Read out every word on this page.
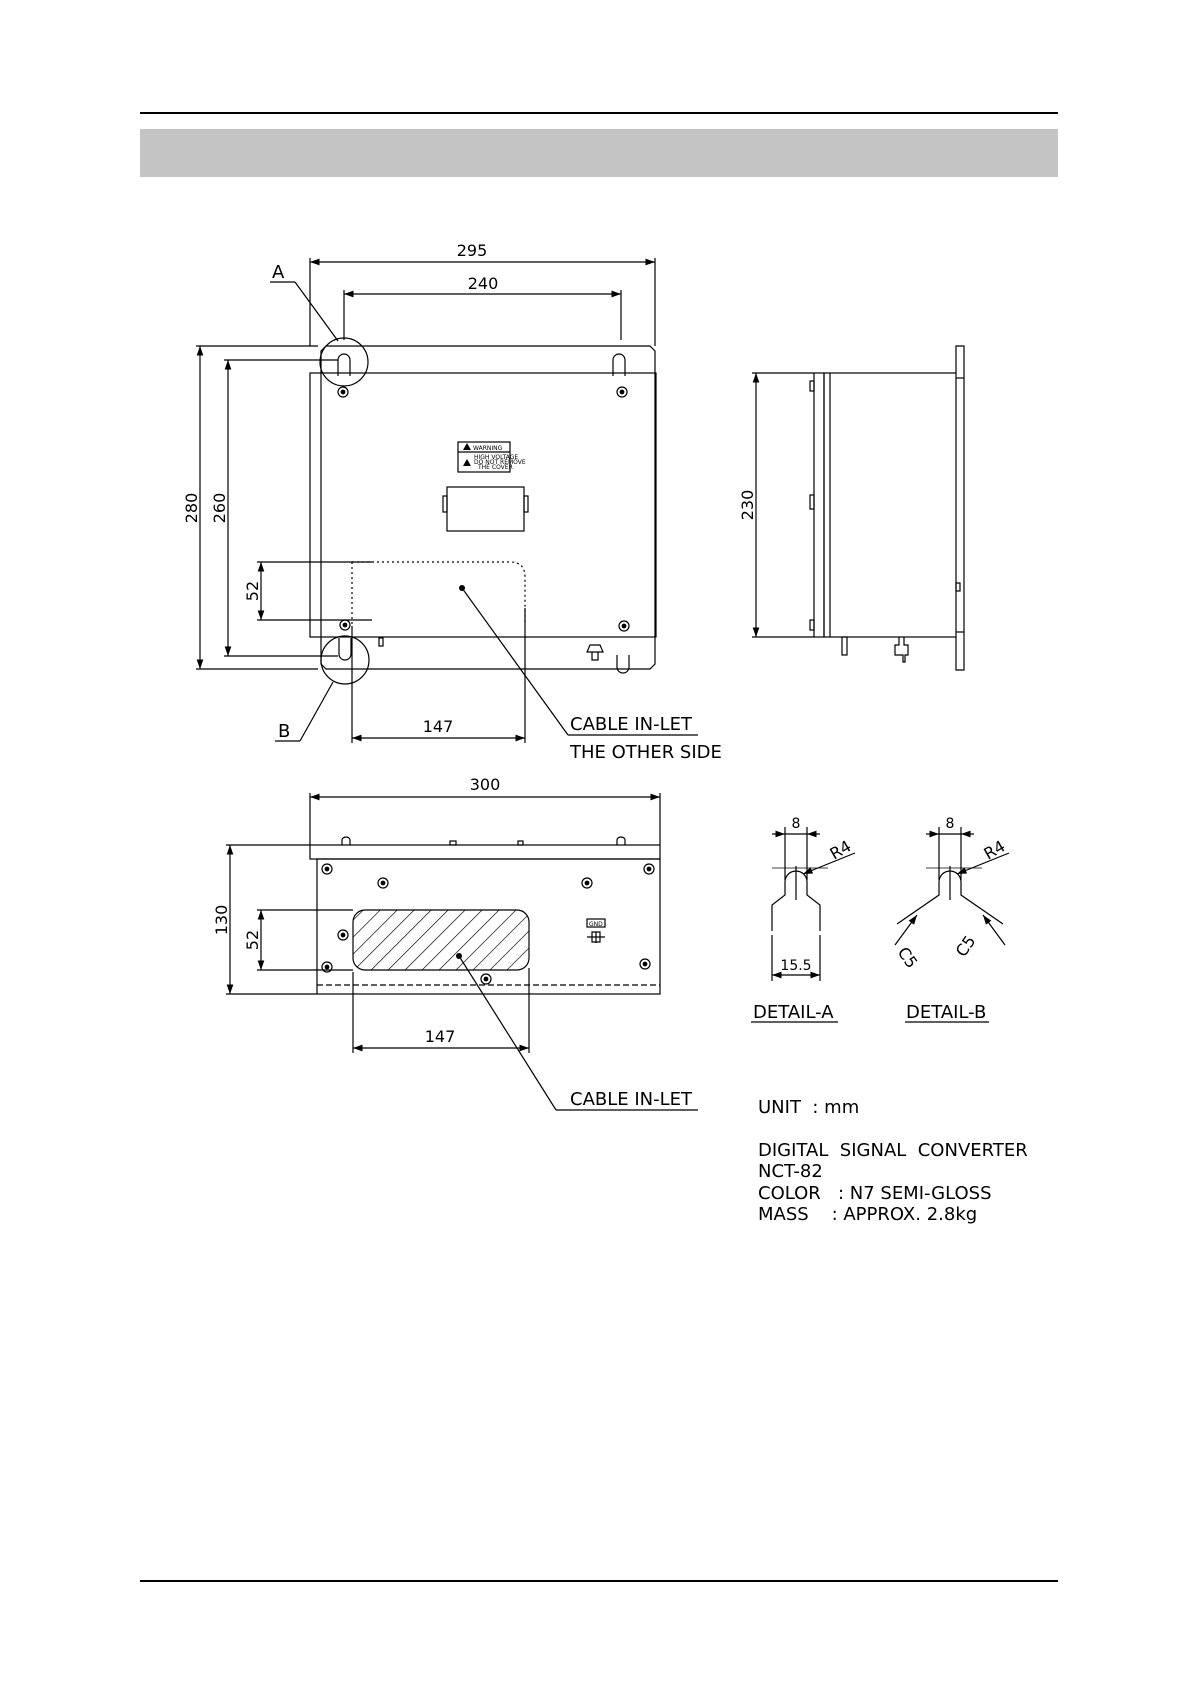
WARNING
HIGH VOLTAGE
DO NOT REMOVE
THE COVER
295
240
280 260
52
147
A
B	CABLE IN-LET
THE OTHER SIDE
230
300
130
52
147
GND
CABLE IN-LET
8
R4
15.5
DETAIL-A
8
R4
C5 C5
DETAIL-B
UNIT  : mm
DIGITAL  SIGNAL  CONVERTER
NCT-82
COLOR   : N7 SEMI-GLOSS
MASS    : APPROX. 2.8kg
